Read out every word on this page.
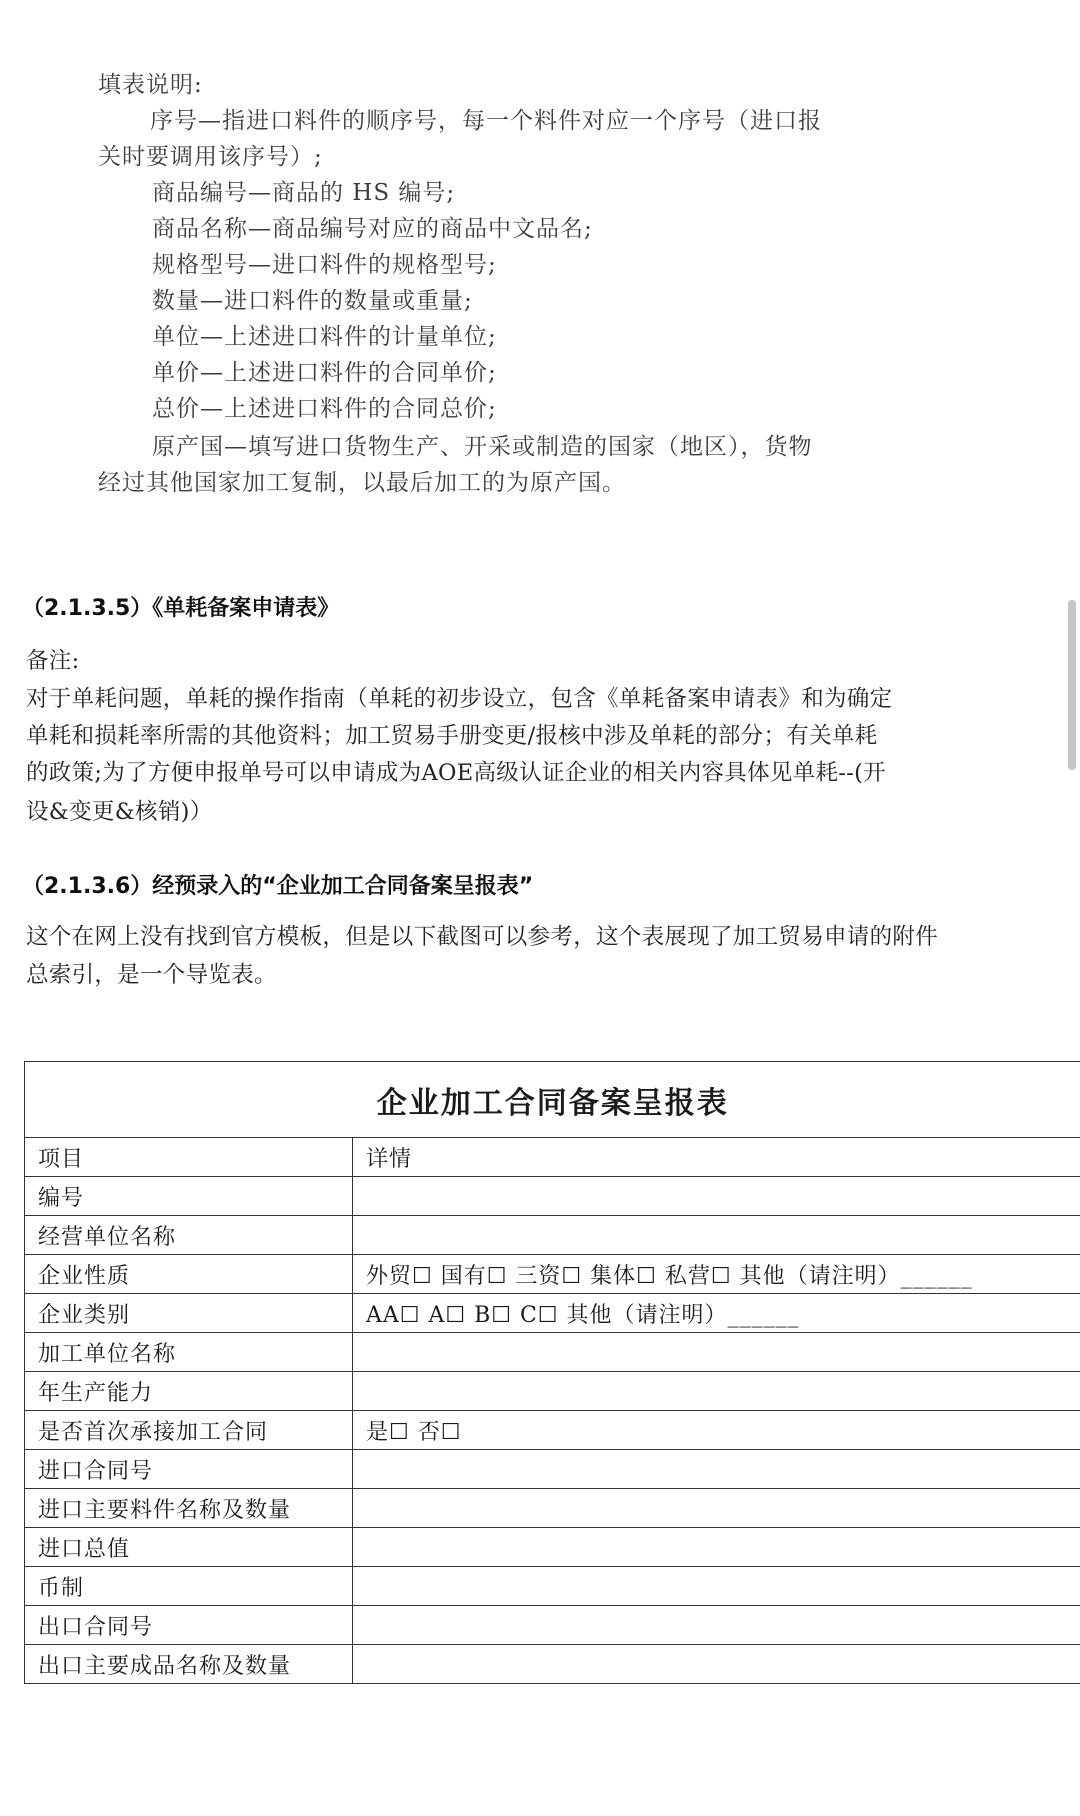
填表说明:
序号—指进口料件的顺序号，每一个料件对应一个序号（进口报
关时要调用该序号）;
商品编号—商品的 HS 编号;
商品名称—商品编号对应的商品中文品名;
规格型号—进口料件的规格型号;
数量—进口料件的数量或重量;
单位—上述进口料件的计量单位;
单价—上述进口料件的合同单价;
总价—上述进口料件的合同总价;
原产国—填写进口货物生产、开采或制造的国家（地区），货物
经过其他国家加工复制，以最后加工的为原产国。
（2.1.3.5）《单耗备案申请表》
备注:
对于单耗问题，单耗的操作指南（单耗的初步设立，包含《单耗备案申请表》和为确定
单耗和损耗率所需的其他资料；加工贸易手册变更/报核中涉及单耗的部分；有关单耗
的政策;为了方便申报单号可以申请成为AOE高级认证企业的相关内容具体见单耗--(开
设&变更&核销)）
（2.1.3.6）经预录入的“企业加工合同备案呈报表”
这个在网上没有找到官方模板，但是以下截图可以参考，这个表展现了加工贸易申请的附件
总索引，是一个导览表。
企业加工合同备案呈报表	
项目	详情
编号	
经营单位名称	
企业性质	外贸☐ 国有☐ 三资☐ 集体☐ 私营☐ 其他（请注明）______
企业类别	AA☐ A☐ B☐ C☐ 其他（请注明）______
加工单位名称	
年生产能力	
是否首次承接加工合同	是☐ 否☐
进口合同号	
进口主要料件名称及数量	
进口总值	
币制	
出口合同号	
出口主要成品名称及数量	
